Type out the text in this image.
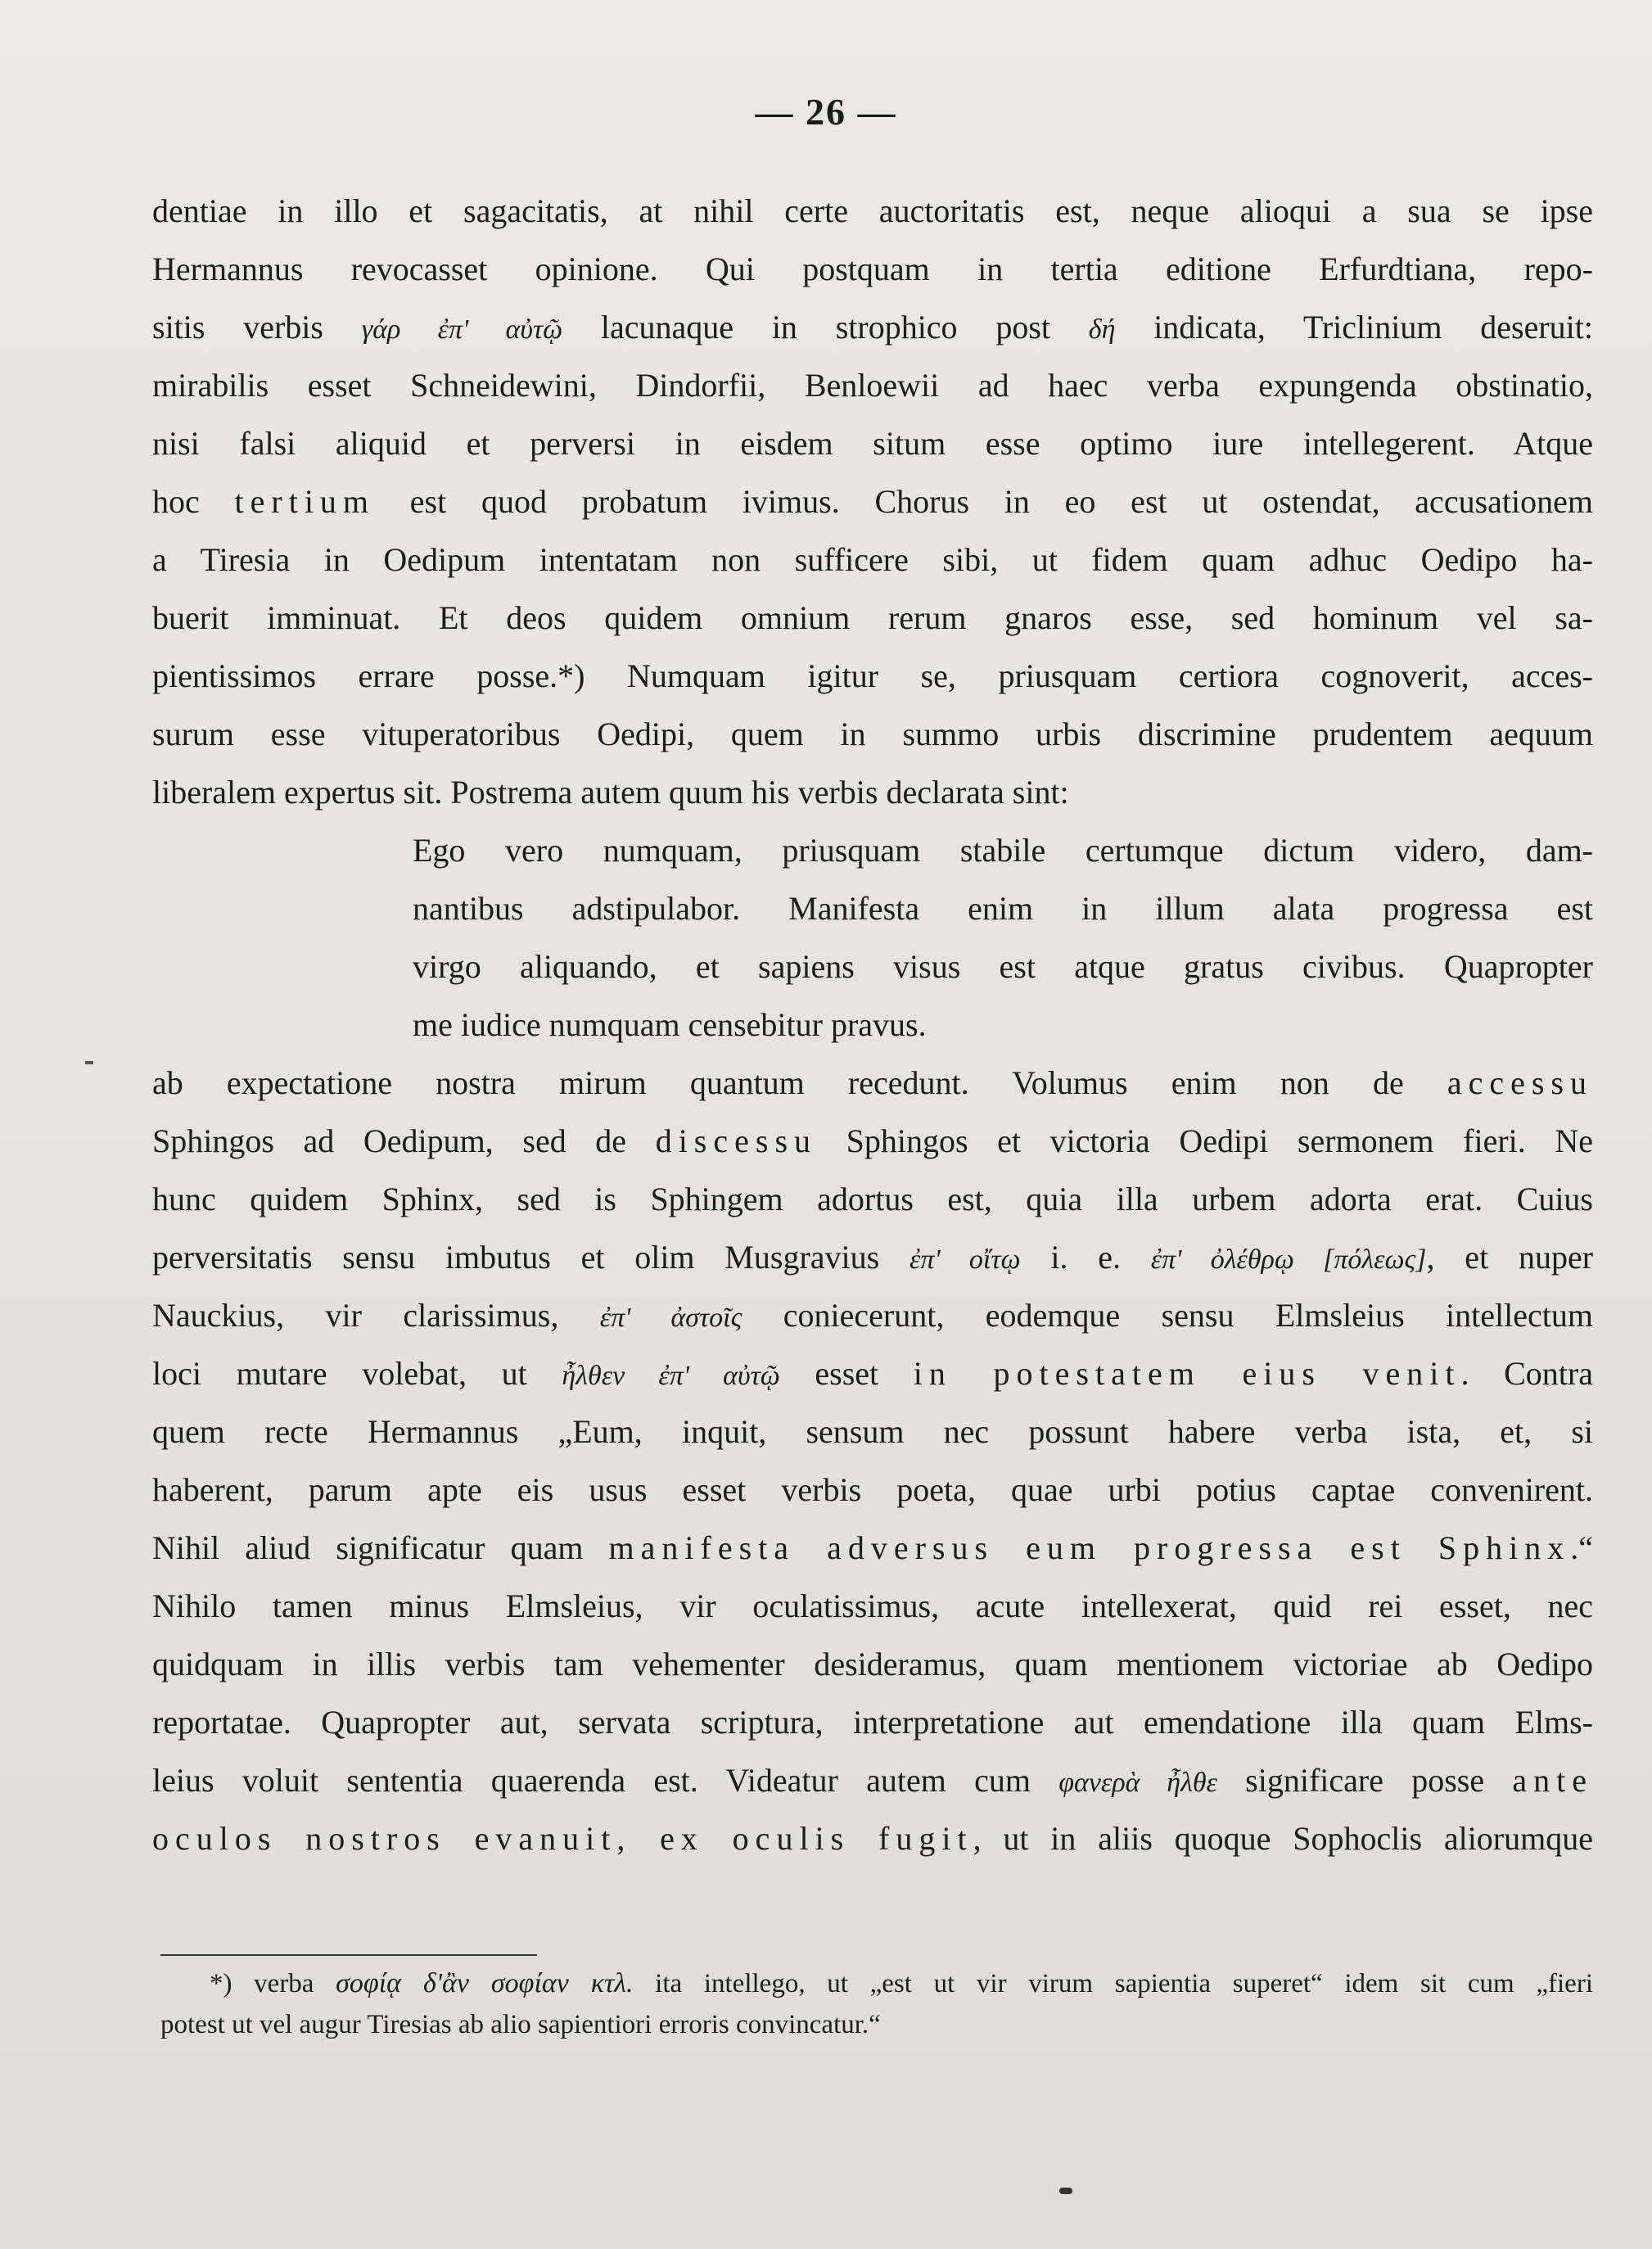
— 26 —
dentiae in illo et sagacitatis, at nihil certe auctoritatis est, neque alioqui a sua se ipse
Hermannus revocasset opinione. Qui postquam in tertia editione Erfurdtiana, repo-
sitis verbis γάρ ἐπ' αὐτῷ lacunaque in strophico post δή indicata, Triclinium deseruit:
mirabilis esset Schneidewini, Dindorfii, Benloewii ad haec verba expungenda obstinatio,
nisi falsi aliquid et perversi in eisdem situm esse optimo iure intellegerent. Atque
hoc tertium est quod probatum ivimus. Chorus in eo est ut ostendat, accusationem
a Tiresia in Oedipum intentatam non sufficere sibi, ut fidem quam adhuc Oedipo ha-
buerit imminuat. Et deos quidem omnium rerum gnaros esse, sed hominum vel sa-
pientissimos errare posse.*) Numquam igitur se, priusquam certiora cognoverit, acces-
surum esse vituperatoribus Oedipi, quem in summo urbis discrimine prudentem aequum
liberalem expertus sit. Postrema autem quum his verbis declarata sint:
Ego vero numquam, priusquam stabile certumque dictum videro, dam-
nantibus adstipulabor. Manifesta enim in illum alata progressa est
virgo aliquando, et sapiens visus est atque gratus civibus. Quapropter
me iudice numquam censebitur pravus.
ab expectatione nostra mirum quantum recedunt. Volumus enim non de accessu
Sphingos ad Oedipum, sed de discessu Sphingos et victoria Oedipi sermonem fieri. Ne
hunc quidem Sphinx, sed is Sphingem adortus est, quia illa urbem adorta erat. Cuius
perversitatis sensu imbutus et olim Musgravius ἐπ' οἴτῳ i. e. ἐπ' ὀλέθρῳ [πόλεως], et nuper
Nauckius, vir clarissimus, ἐπ' ἀστοῖς coniecerunt, eodemque sensu Elmsleius intellectum
loci mutare volebat, ut ἦλθεν ἐπ' αὐτῷ esset in potestatem eius venit. Contra
quem recte Hermannus „Eum, inquit, sensum nec possunt habere verba ista, et, si
haberent, parum apte eis usus esset verbis poeta, quae urbi potius captae convenirent.
Nihil aliud significatur quam manifesta adversus eum progressa est Sphinx.“
Nihilo tamen minus Elmsleius, vir oculatissimus, acute intellexerat, quid rei esset, nec
quidquam in illis verbis tam vehementer desideramus, quam mentionem victoriae ab Oedipo
reportatae. Quapropter aut, servata scriptura, interpretatione aut emendatione illa quam Elms-
leius voluit sententia quaerenda est. Videatur autem cum φανερὰ ἦλθε significare posse ante
oculos nostros evanuit, ex oculis fugit, ut in aliis quoque Sophoclis aliorumque
*) verba σοφίᾳ δ'ἂν σοφίαν κτλ. ita intellego, ut „est ut vir virum sapientia superet“ idem sit cum „fieri
potest ut vel augur Tiresias ab alio sapientiori erroris convincatur.“
